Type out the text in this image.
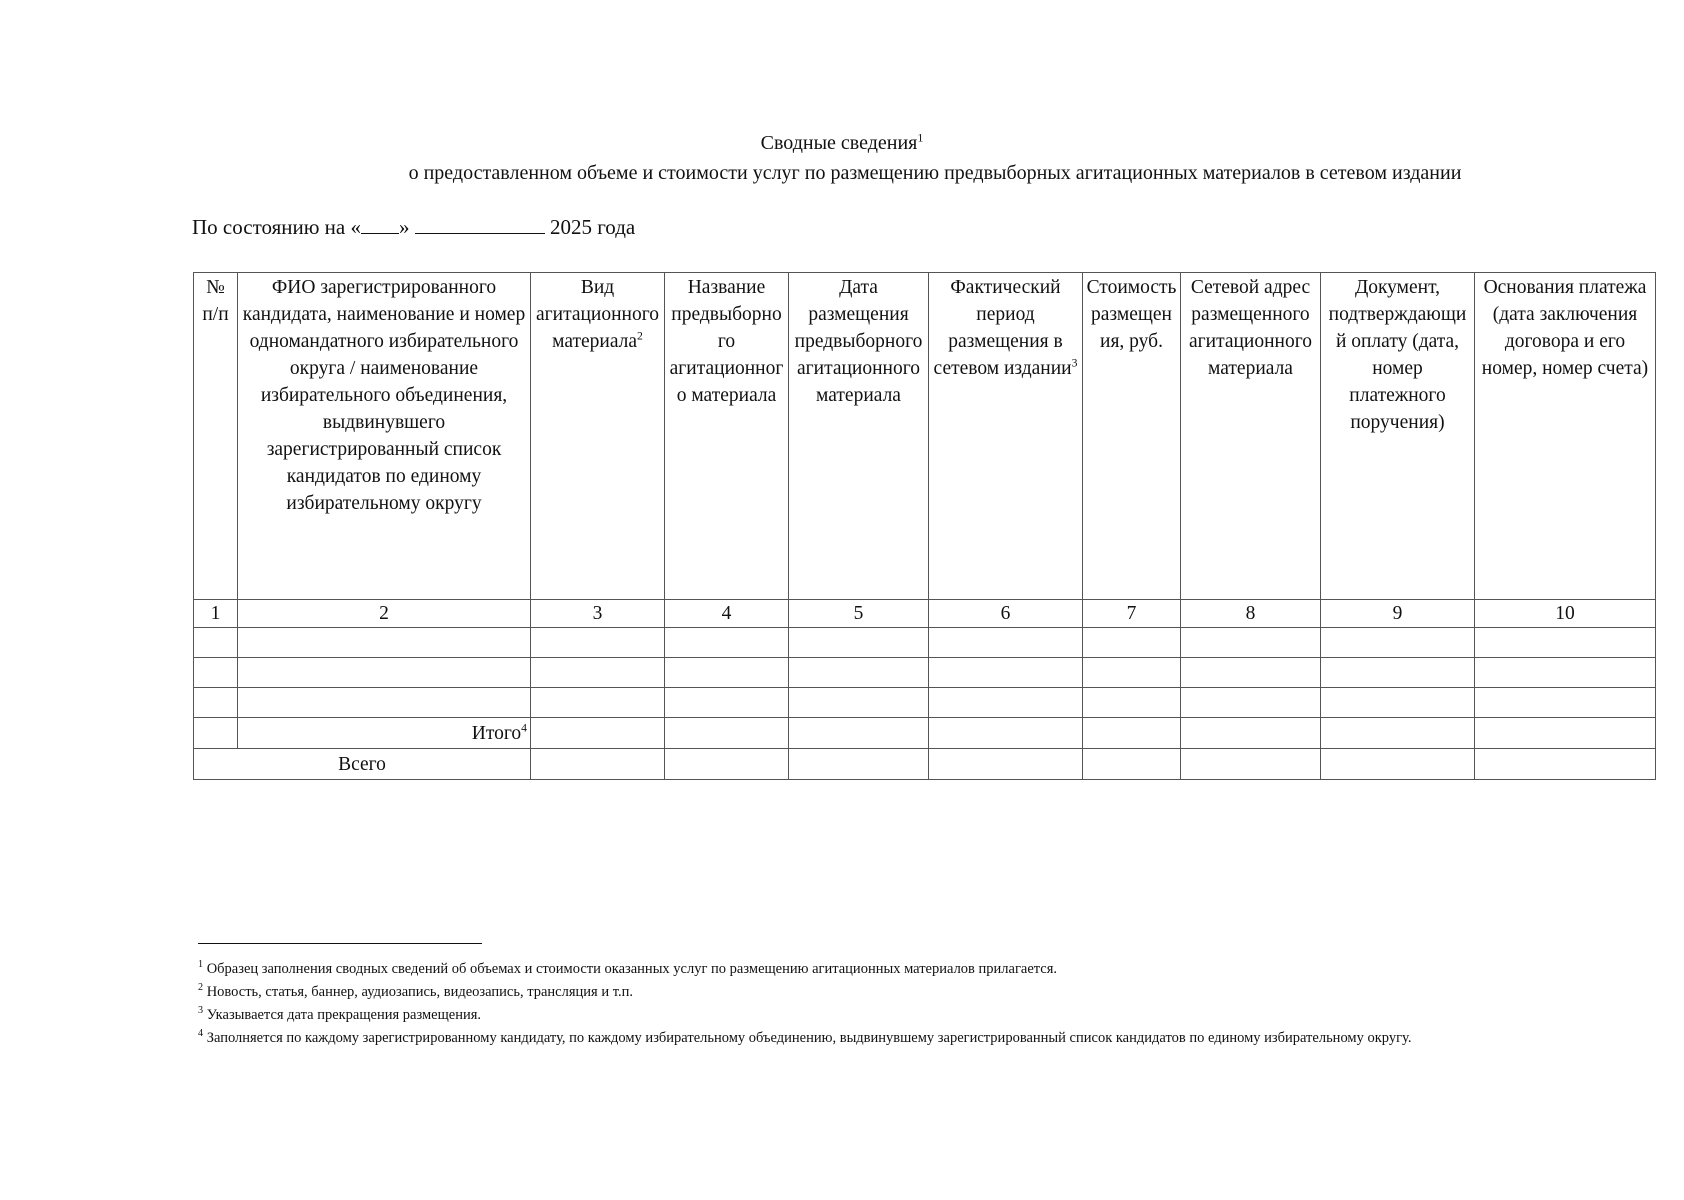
Сводные сведения$^1$
о предоставленном объеме и стоимости услуг по размещению предвыборных агитационных материалов в сетевом издании
По состоянию на « »	2025 года
№ п/п	ФИО зарегистрированного кандидата, наименование и номер одномандатного избирательного округа / наименование избирательного объединения, выдвинувшего зарегистрированный список кандидатов по единому избирательному округу	Вид агитационного материала$^2$	Название предвыборного агитационного материала	Дата размещения предвыборного агитационного материала	Фактический период размещения в сетевом издании$^3$	Стоимость размещения, руб.	Сетевой адрес размещенного агитационного материала	Документ, подтверждающий оплату (дата, номер платежного поручения)	Основания платежа (дата заключения договора и его номер, номер счета)
1	2	3	4	5	6	7	8	9	10

	Итого$^4$								
Всего									

$^1$ Образец заполнения сводных сведений об объемах и стоимости оказанных услуг по размещению агитационных материалов прилагается.

$^2$ Новость, статья, баннер, аудиозапись, видеозапись, трансляция и т.п.

$^3$ Указывается дата прекращения размещения.

$^4$ Заполняется по каждому зарегистрированному кандидату, по каждому избирательному объединению, выдвинувшему зарегистрированный список кандидатов по единому избирательному округу.
